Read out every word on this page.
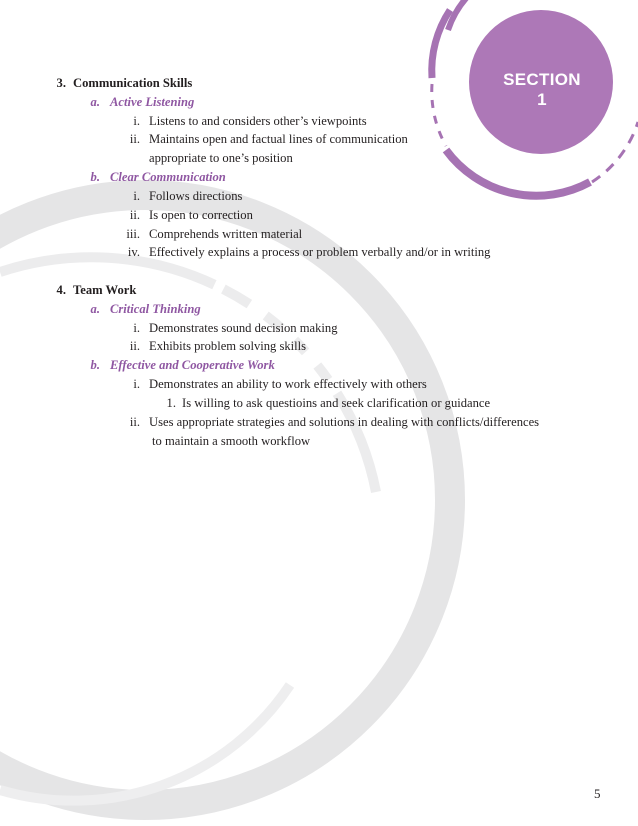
SECTION 1
3. Communication Skills
a. Active Listening
i. Listens to and considers other’s viewpoints
ii. Maintains open and factual lines of communication
appropriate to one’s position
b. Clear Communication
i. Follows directions
ii. Is open to correction
iii. Comprehends written material
iv. Effectively explains a process or problem verbally and/or in writing
4. Team Work
a. Critical Thinking
i. Demonstrates sound decision making
ii. Exhibits problem solving skills
b. Effective and Cooperative Work
i. Demonstrates an ability to work effectively with others
1. Is willing to ask questioins and seek clarification or guidance
ii. Uses appropriate strategies and solutions in dealing with conflicts/differences
to maintain a smooth workflow
5
